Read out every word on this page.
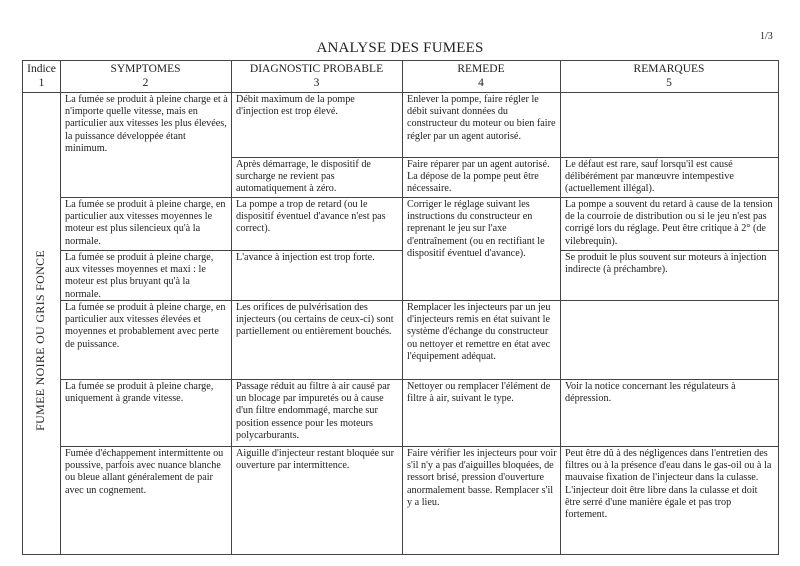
1/3
ANALYSE DES FUMEES
Indice
1
SYMPTOMES
2
DIAGNOSTIC PROBABLE
3
REMEDE
4
REMARQUES
5
FUMEE NOIRE OU GRIS FONCE

La fumée se produit à pleine charge et à n'importe quelle vitesse, mais en particulier aux vitesses les plus élevées, la puissance développée étant minimum.

Débit maximum de la pompe d'injection est trop élevé.

Enlever la pompe, faire régler le débit suivant données du constructeur du moteur ou bien faire régler par un agent autorisé.

Après démarrage, le dispositif de surcharge ne revient pas automatiquement à zéro.

Faire réparer par un agent autorisé. La dépose de la pompe peut être nécessaire.

Le défaut est rare, sauf lorsqu'il est causé délibérément par manœuvre intempestive (actuellement illégal).

La fumée se produit à pleine charge, en particulier aux vitesses moyennes le moteur est plus silencieux qu'à la normale.

La pompe a trop de retard (ou le dispositif éventuel d'avance n'est pas correct).

Corriger le réglage suivant les instructions du constructeur en reprenant le jeu sur l'axe d'entraînement (ou en rectifiant le dispositif éventuel d'avance).

La pompe a souvent du retard à cause de la tension de la courroie de distribution ou si le jeu n'est pas corrigé lors du réglage. Peut être critique à 2° (de vilebrequin).

La fumée se produit à pleine charge, aux vitesses moyennes et maxi : le moteur est plus bruyant qu'à la normale.

L'avance à injection est trop forte.	Se produit le plus souvent sur moteurs à injection indirecte (à préchambre).

La fumée se produit à pleine charge, en particulier aux vitesses élevées et moyennes et probablement avec perte de puissance.

Les orifices de pulvérisation des injecteurs (ou certains de ceux-ci) sont partiellement ou entièrement bouchés.

Remplacer les injecteurs par un jeu d'injecteurs remis en état suivant le système d'échange du constructeur ou nettoyer et remettre en état avec l'équipement adéquat.

La fumée se produit à pleine charge, uniquement à grande vitesse.

Passage réduit au filtre à air causé par un blocage par impuretés ou à cause d'un filtre endommagé, marche sur position essence pour les moteurs polycarburants.

Nettoyer ou remplacer l'élément de filtre à air, suivant le type.

Voir la notice concernant les régulateurs à dépression.

Fumée d'échappement intermittente ou poussive, parfois avec nuance blanche ou bleue allant généralement de pair avec un cognement.

Aiguille d'injecteur restant bloquée sur ouverture par intermittence.

Faire vérifier les injecteurs pour voir s'il n'y a pas d'aiguilles bloquées, de ressort brisé, pression d'ouverture anormalement basse. Remplacer s'il y a lieu.

Peut être dû à des négligences dans l'entretien des filtres ou à la présence d'eau dans le gas-oil ou à la mauvaise fixation de l'injecteur dans la culasse. L'injecteur doit être libre dans la culasse et doit être serré d'une manière égale et pas trop fortement.
